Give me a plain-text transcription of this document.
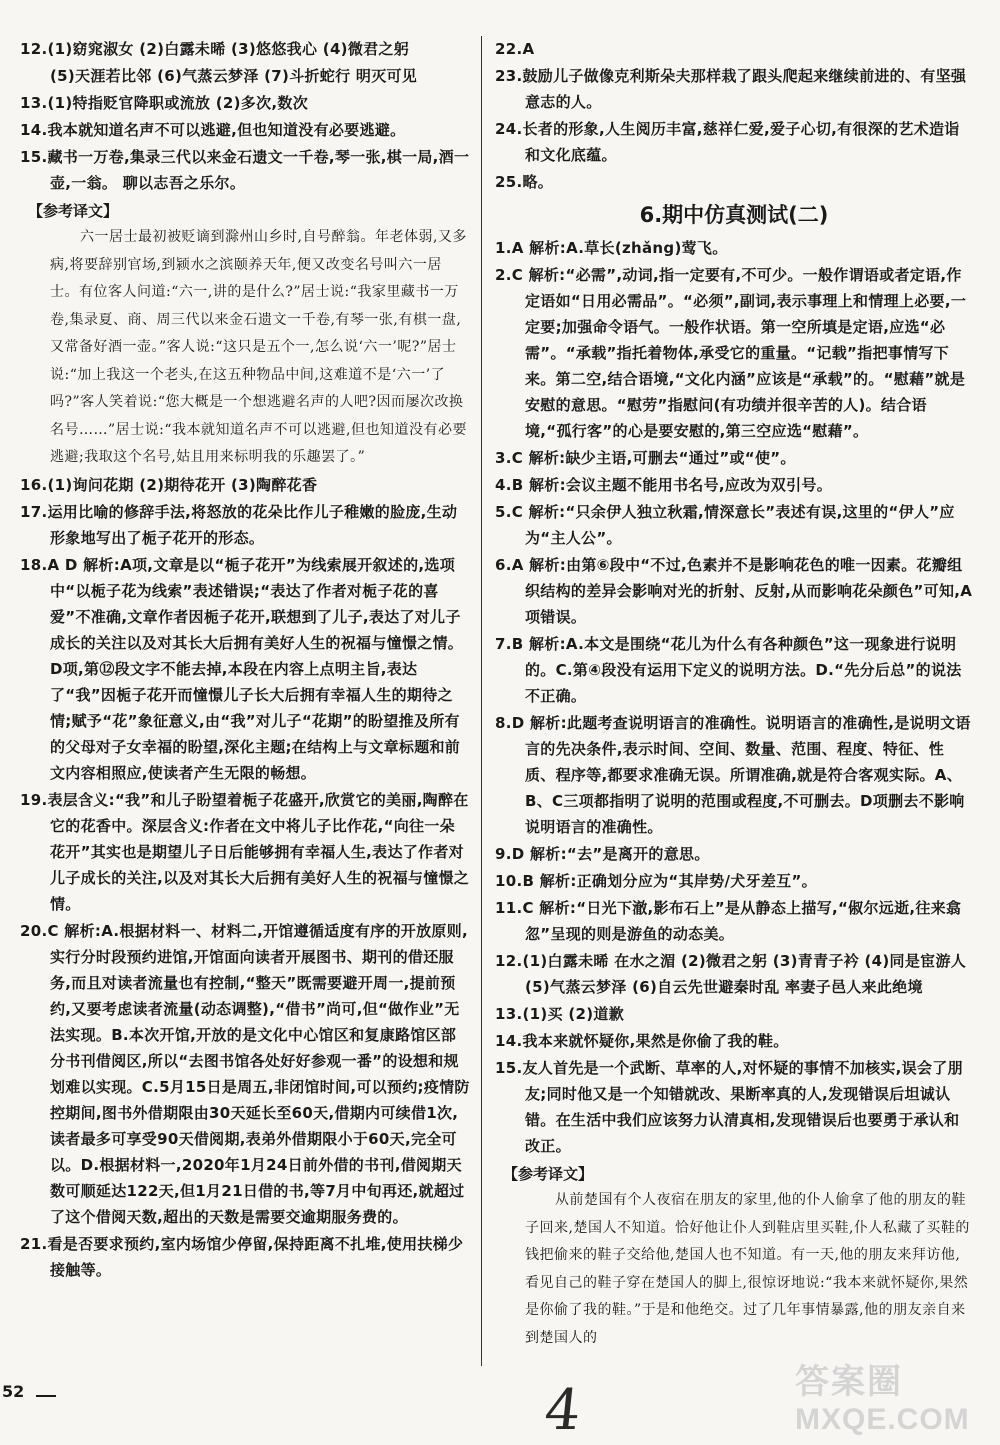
12.(1)窈窕淑女 (2)白露未晞 (3)悠悠我心 (4)微君之躬
(5)天涯若比邻 (6)气蒸云梦泽 (7)斗折蛇行 明灭可见
13.(1)特指贬官降职或流放 (2)多次,数次
14.我本就知道名声不可以逃避,但也知道没有必要逃避。
15.藏书一万卷,集录三代以来金石遗文一千卷,琴一张,棋一局,酒一壶,一翁。 聊以志吾之乐尔。
【参考译文】

六一居士最初被贬谪到滁州山乡时,自号醉翁。年老体弱,又多病,将要辞别官场,到颍水之滨颐养天年,便又改变名号叫六一居士。有位客人问道:“六一,讲的是什么?”居士说:“我家里藏书一万卷,集录夏、商、周三代以来金石遗文一千卷,有琴一张,有棋一盘,又常备好酒一壶。”客人说:“这只是五个一,怎么说‘六一’呢?”居士说:“加上我这一个老头,在这五种物品中间,这难道不是‘六一’了吗?”客人笑着说:“您大概是一个想逃避名声的人吧?因而屡次改换名号……”居士说:“我本就知道名声不可以逃避,但也知道没有必要逃避;我取这个名号,姑且用来标明我的乐趣罢了。”

16.(1)询问花期 (2)期待花开 (3)陶醉花香
17.运用比喻的修辞手法,将怒放的花朵比作儿子稚嫩的脸庞,生动形象地写出了栀子花开的形态。
18.A D 解析:A项,文章是以“栀子花开”为线索展开叙述的,选项中“以栀子花为线索”表述错误;“表达了作者对栀子花的喜爱”不准确,文章作者因栀子花开,联想到了儿子,表达了对儿子成长的关注以及对其长大后拥有美好人生的祝福与憧憬之情。D项,第⑫段文字不能去掉,本段在内容上点明主旨,表达了“我”因栀子花开而憧憬儿子长大后拥有幸福人生的期待之情;赋予“花”象征意义,由“我”对儿子“花期”的盼望推及所有的父母对子女幸福的盼望,深化主题;在结构上与文章标题和前文内容相照应,使读者产生无限的畅想。
19.表层含义:“我”和儿子盼望着栀子花盛开,欣赏它的美丽,陶醉在它的花香中。深层含义:作者在文中将儿子比作花,“向往一朵花开”其实也是期望儿子日后能够拥有幸福人生,表达了作者对儿子成长的关注,以及对其长大后拥有美好人生的祝福与憧憬之情。
20.C 解析:A.根据材料一、材料二,开馆遵循适度有序的开放原则,实行分时段预约进馆,开馆面向读者开展图书、期刊的借还服务,而且对读者流量也有控制,“整天”既需要避开周一,提前预约,又要考虑读者流量(动态调整),“借书”尚可,但“做作业”无法实现。B.本次开馆,开放的是文化中心馆区和复康路馆区部分书刊借阅区,所以“去图书馆各处好好参观一番”的设想和规划难以实现。C.5月15日是周五,非闭馆时间,可以预约;疫情防控期间,图书外借期限由30天延长至60天,借期内可续借1次,读者最多可享受90天借阅期,表弟外借期限小于60天,完全可以。D.根据材料一,2020年1月24日前外借的书刊,借阅期天数可顺延达122天,但1月21日借的书,等7月中旬再还,就超过了这个借阅天数,超出的天数是需要交逾期服务费的。
21.看是否要求预约,室内场馆少停留,保持距离不扎堆,使用扶梯少接触等。
22.A
23.鼓励儿子做像克利斯朵夫那样栽了跟头爬起来继续前进的、有坚强意志的人。
24.长者的形象,人生阅历丰富,慈祥仁爱,爱子心切,有很深的艺术造诣和文化底蕴。
25.略。
6.期中仿真测试(二)
1.A 解析:A.草长(zhǎng)莺飞。
2.C 解析:“必需”,动词,指一定要有,不可少。一般作谓语或者定语,作定语如“日用必需品”。“必须”,副词,表示事理上和情理上必要,一定要;加强命令语气。一般作状语。第一空所填是定语,应选“必需”。“承载”指托着物体,承受它的重量。“记载”指把事情写下来。第二空,结合语境,“文化内涵”应该是“承载”的。“慰藉”就是安慰的意思。“慰劳”指慰问(有功绩并很辛苦的人)。结合语境,“孤行客”的心是要安慰的,第三空应选“慰藉”。
3.C 解析:缺少主语,可删去“通过”或“使”。
4.B 解析:会议主题不能用书名号,应改为双引号。
5.C 解析:“只余伊人独立秋霜,情深意长”表述有误,这里的“伊人”应为“主人公”。
6.A 解析:由第⑥段中“不过,色素并不是影响花色的唯一因素。花瓣组织结构的差异会影响对光的折射、反射,从而影响花朵颜色”可知,A项错误。
7.B 解析:A.本文是围绕“花儿为什么有各种颜色”这一现象进行说明的。C.第④段没有运用下定义的说明方法。D.“先分后总”的说法不正确。
8.D 解析:此题考查说明语言的准确性。说明语言的准确性,是说明文语言的先决条件,表示时间、空间、数量、范围、程度、特征、性质、程序等,都要求准确无误。所谓准确,就是符合客观实际。A、B、C三项都指明了说明的范围或程度,不可删去。D项删去不影响说明语言的准确性。
9.D 解析:“去”是离开的意思。
10.B 解析:正确划分应为“其岸势/犬牙差互”。
11.C 解析:“日光下澈,影布石上”是从静态上描写,“俶尔远逝,往来翕忽”呈现的则是游鱼的动态美。
12.(1)白露未晞 在水之湄 (2)微君之躬 (3)青青子衿 (4)同是宦游人 (5)气蒸云梦泽 (6)自云先世避秦时乱 率妻子邑人来此绝境
13.(1)买 (2)道歉
14.我本来就怀疑你,果然是你偷了我的鞋。
15.友人首先是一个武断、草率的人,对怀疑的事情不加核实,误会了朋友;同时他又是一个知错就改、果断率真的人,发现错误后坦诚认错。在生活中我们应该努力认清真相,发现错误后也要勇于承认和改正。
【参考译文】

从前楚国有个人夜宿在朋友的家里,他的仆人偷拿了他的朋友的鞋子回来,楚国人不知道。恰好他让仆人到鞋店里买鞋,仆人私藏了买鞋的钱把偷来的鞋子交给他,楚国人也不知道。有一天,他的朋友来拜访他,看见自己的鞋子穿在楚国人的脚上,很惊讶地说:“我本来就怀疑你,果然是你偷了我的鞋。”于是和他绝交。过了几年事情暴露,他的朋友亲自来到楚国人的

52	4	答案圈
MXQE.COM
